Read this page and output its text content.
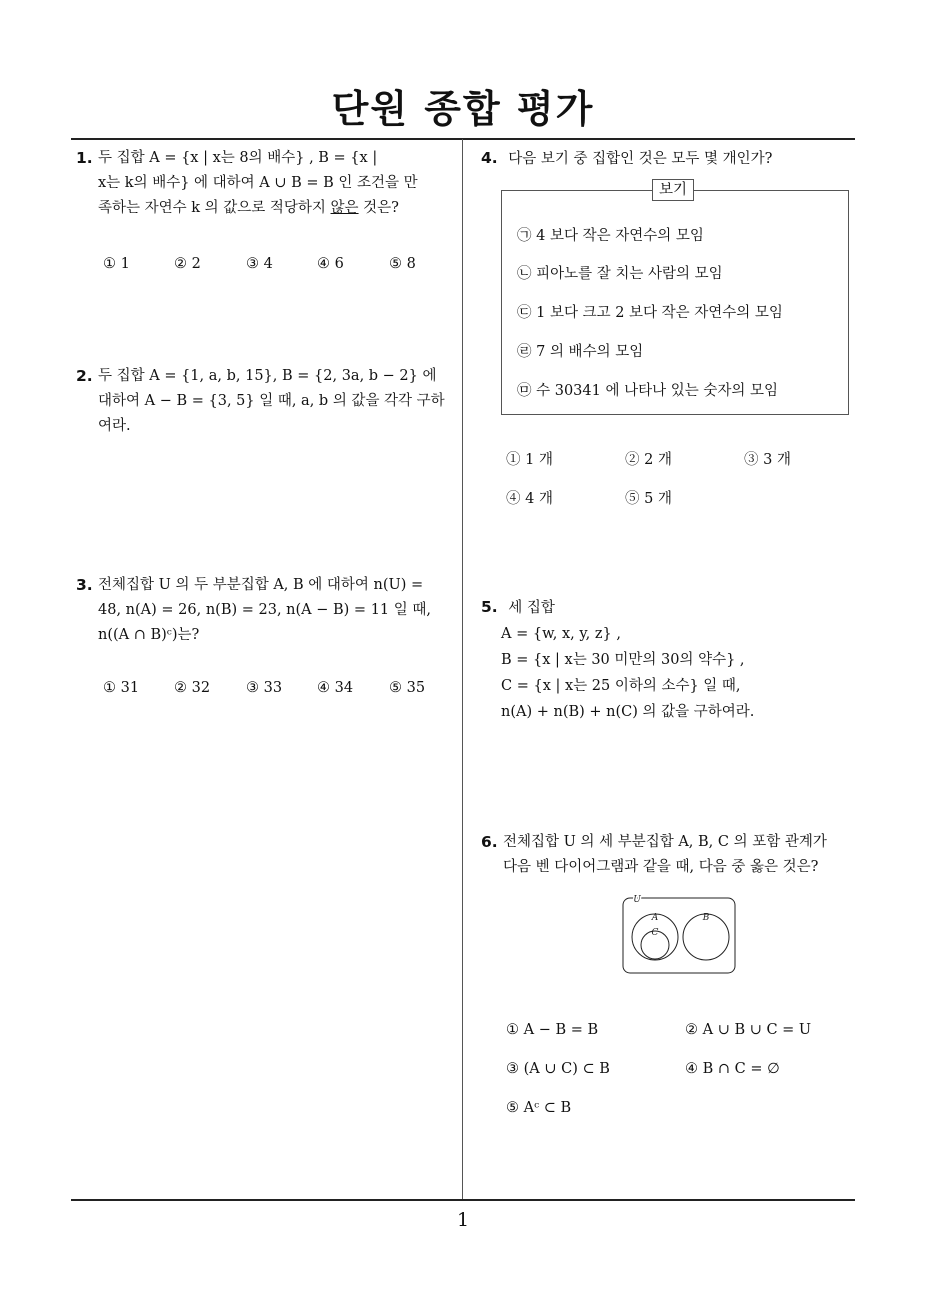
단원 종합 평가
1. 두 집합 A = {x | x는 8의 배수} , B = {x |
x는 k의 배수} 에 대하여 A ∪ B = B 인 조건을 만
족하는 자연수 k 의 값으로 적당하지 않은 것은?
① 1	② 2	③ 4	④ 6	⑤ 8
2. 두 집합 A = {1, a, b, 15}, B = {2, 3a, b − 2} 에
대하여 A − B = {3, 5} 일 때, a, b 의 값을 각각 구하
여라.
3. 전체집합 U 의 두 부분집합 A, B 에 대하여 n(U) =
48, n(A) = 26, n(B) = 23, n(A − B) = 11 일 때,
n((A ∩ B)ᶜ)는?
① 31 ② 32 ③ 33 ④ 34 ⑤ 35
4. 다음 보기 중 집합인 것은 모두 몇 개인가?
보기
㉠ 4 보다 작은 자연수의 모임
㉡ 피아노를 잘 치는 사람의 모임
㉢ 1 보다 크고 2 보다 작은 자연수의 모임
㉣ 7 의 배수의 모임
㉤ 수 30341 에 나타나 있는 숫자의 모임
① 1 개	② 2 개	③ 3 개
④ 4 개	⑤ 5 개
5. 세 집합
A = {w, x, y, z} ,
B = {x | x는 30 미만의 30의 약수} ,
C = {x | x는 25 이하의 소수} 일 때,
n(A) + n(B) + n(C) 의 값을 구하여라.
6. 전체집합 U 의 세 부분집합 A, B, C 의 포함 관계가
다음 벤 다이어그램과 같을 때, 다음 중 옳은 것은?
U
A
C
B
① A − B = B	② A ∪ B ∪ C = U
③ (A ∪ C) ⊂ B	④ B ∩ C = ∅
⑤ Aᶜ ⊂ B
1
